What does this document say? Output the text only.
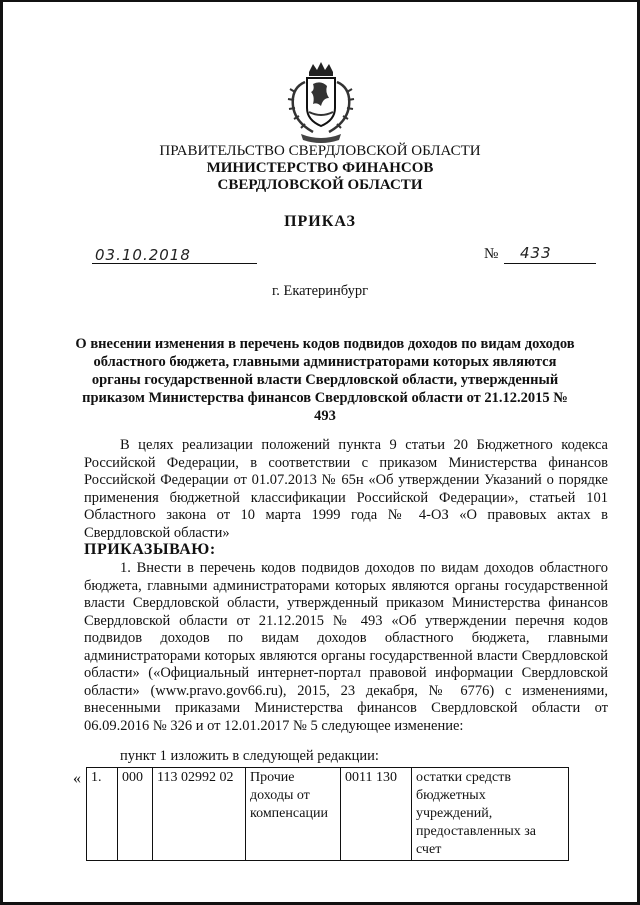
ПРАВИТЕЛЬСТВО СВЕРДЛОВСКОЙ ОБЛАСТИ
МИНИСТЕРСТВО ФИНАНСОВ
СВЕРДЛОВСКОЙ ОБЛАСТИ
ПРИКАЗ
03.10.2018	№ 433
г. Екатеринбург
О внесении изменения в перечень кодов подвидов доходов по видам доходов областного бюджета, главными администраторами которых являются органы государственной власти Свердловской области, утвержденный приказом Министерства финансов Свердловской области от 21.12.2015 № 493
В целях реализации положений пункта 9 статьи 20 Бюджетного кодекса Российской Федерации, в соответствии с приказом Министерства финансов Российской Федерации от 01.07.2013 № 65н «Об утверждении Указаний о порядке применения бюджетной классификации Российской Федерации», статьей 101 Областного закона от 10 марта 1999 года № 4-ОЗ «О правовых актах в Свердловской области»
ПРИКАЗЫВАЮ:
1. Внести в перечень кодов подвидов доходов по видам доходов областного бюджета, главными администраторами которых являются органы государственной власти Свердловской области, утвержденный приказом Министерства финансов Свердловской области от 21.12.2015 № 493 «Об утверждении перечня кодов подвидов доходов по видам доходов областного бюджета, главными администраторами которых являются органы государственной власти Свердловской области» («Официальный интернет-портал правовой информации Свердловской области» (www.pravo.gov66.ru), 2015, 23 декабря, № 6776) с изменениями, внесенными приказами Министерства финансов Свердловской области от 06.09.2016 № 326 и от 12.01.2017 № 5 следующее изменение:
пункт 1 изложить в следующей редакции:
« 1.	000	113 02992 02	Прочие доходы от компенсации	0011 130	остатки средств бюджетных учреждений, предоставленных за счет
